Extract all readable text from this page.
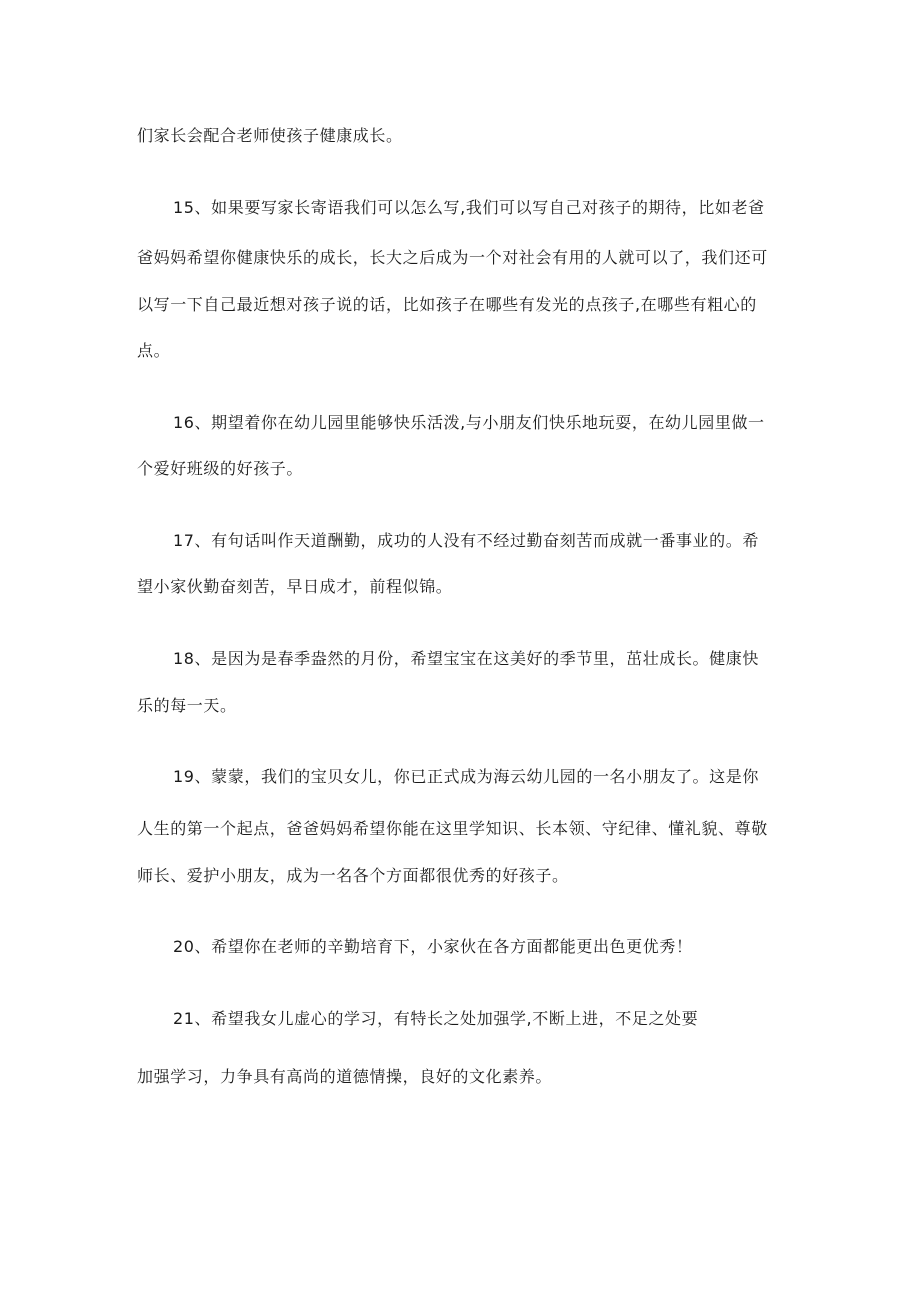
们家长会配合老师使孩子健康成长。
15、如果要写家长寄语我们可以怎么写,我们可以写自己对孩子的期待，比如老爸
爸妈妈希望你健康快乐的成长，长大之后成为一个对社会有用的人就可以了，我们还可
以写一下自己最近想对孩子说的话，比如孩子在哪些有发光的点孩子,在哪些有粗心的
点。
16、期望着你在幼儿园里能够快乐活泼,与小朋友们快乐地玩耍，在幼儿园里做一
个爱好班级的好孩子。
17、有句话叫作天道酬勤，成功的人没有不经过勤奋刻苦而成就一番事业的。希
望小家伙勤奋刻苦，早日成才，前程似锦。
18、是因为是春季盎然的月份，希望宝宝在这美好的季节里，茁壮成长。健康快
乐的每一天。
19、蒙蒙，我们的宝贝女儿，你已正式成为海云幼儿园的一名小朋友了。这是你
人生的第一个起点，爸爸妈妈希望你能在这里学知识、长本领、守纪律、懂礼貌、尊敬
师长、爱护小朋友，成为一名各个方面都很优秀的好孩子。
20、希望你在老师的辛勤培育下，小家伙在各方面都能更出色更优秀！
21、希望我女儿虚心的学习，有特长之处加强学,不断上进，不足之处要
加强学习，力争具有高尚的道德情操，良好的文化素养。
